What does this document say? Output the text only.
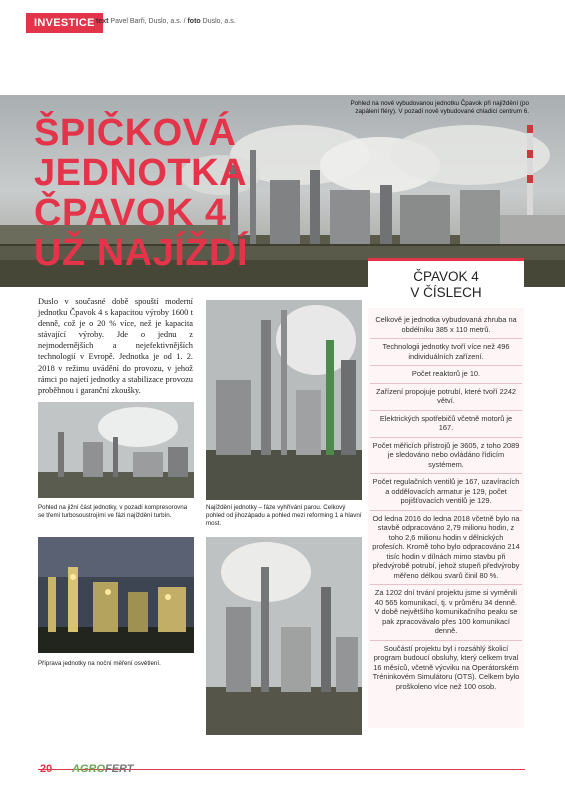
INVESTICE text Pavel Barři, Duslo, a.s. / foto Duslo, a.s.
Pohled na nově vybudovanou jednotku Čpavok při najíždění (po zapálení fléry). V pozadí nově vybudované chladicí centrum 6.
ŠPIČKOVÁ
JEDNOTKA
ČPAVOK 4
UŽ NAJÍŽDÍ
Duslo v současné době spouští moderní jednotku Čpavok 4 s kapacitou výroby 1600 t denně, což je o 20 % více, než je kapacita stávající výroby. Jde o jednu z nejmodernějších a nejefektivnějších technologií v Evropě. Jednotka je od 1. 2. 2018 v režimu uvádění do provozu, v jehož rámci po najetí jednotky a stabilizace provozu proběhnou i garanční zkoušky.
Pohled na jižní část jednotky, v pozadí kompresorovna se třemi turbosoustrojími ve fázi najíždění turbín.
Najíždění jednotky – fáze vyhřívání parou. Celkový pohled od jihozápadu a pohled mezi reforming 1 a hlavní most.
Příprava jednotky na noční měření osvětlení.
ČPAVOK 4
V ČÍSLECH
Celkově je jednotka vybudovaná zhruba na obdélníku 385 x 110 metrů.
Technologii jednotky tvoří více než 496 individuálních zařízení.
Počet reaktorů je 10.
Zařízení propojuje potrubí, které tvoří 2242 větví.
Elektrických spotřebičů včetně motorů je 167.
Počet měřicích přístrojů je 3605, z toho 2089 je sledováno nebo ovládáno řídicím systémem.
Počet regulačních ventilů je 167, uzavíracích a oddělovacích armatur je 129, počet pojišťovacích ventilů je 129.
Od ledna 2016 do ledna 2018 včetně bylo na stavbě odpracováno 2,79 milionu hodin, z toho 2,6 milionu hodin v dělnických profesích. Kromě toho bylo odpracováno 214 tisíc hodin v dílnách mimo stavbu při předvýrobě potrubí, jehož stupeň předvýroby měřeno délkou svarů činil 80 %.
Za 1202 dní trvání projektu jsme si vyměnili 40 565 komunikací, tj. v průměru 34 denně. V době největšího komunikačního peaku se pak zpracovávalo přes 100 komunikací denně.
Součástí projektu byl i rozsáhlý školicí program budoucí obsluhy, který celkem trval 16 měsíců, včetně výcviku na Operátorském Tréninkovém Simulátoru (OTS). Celkem bylo proškoleno více než 100 osob.
20 AGROFERT
